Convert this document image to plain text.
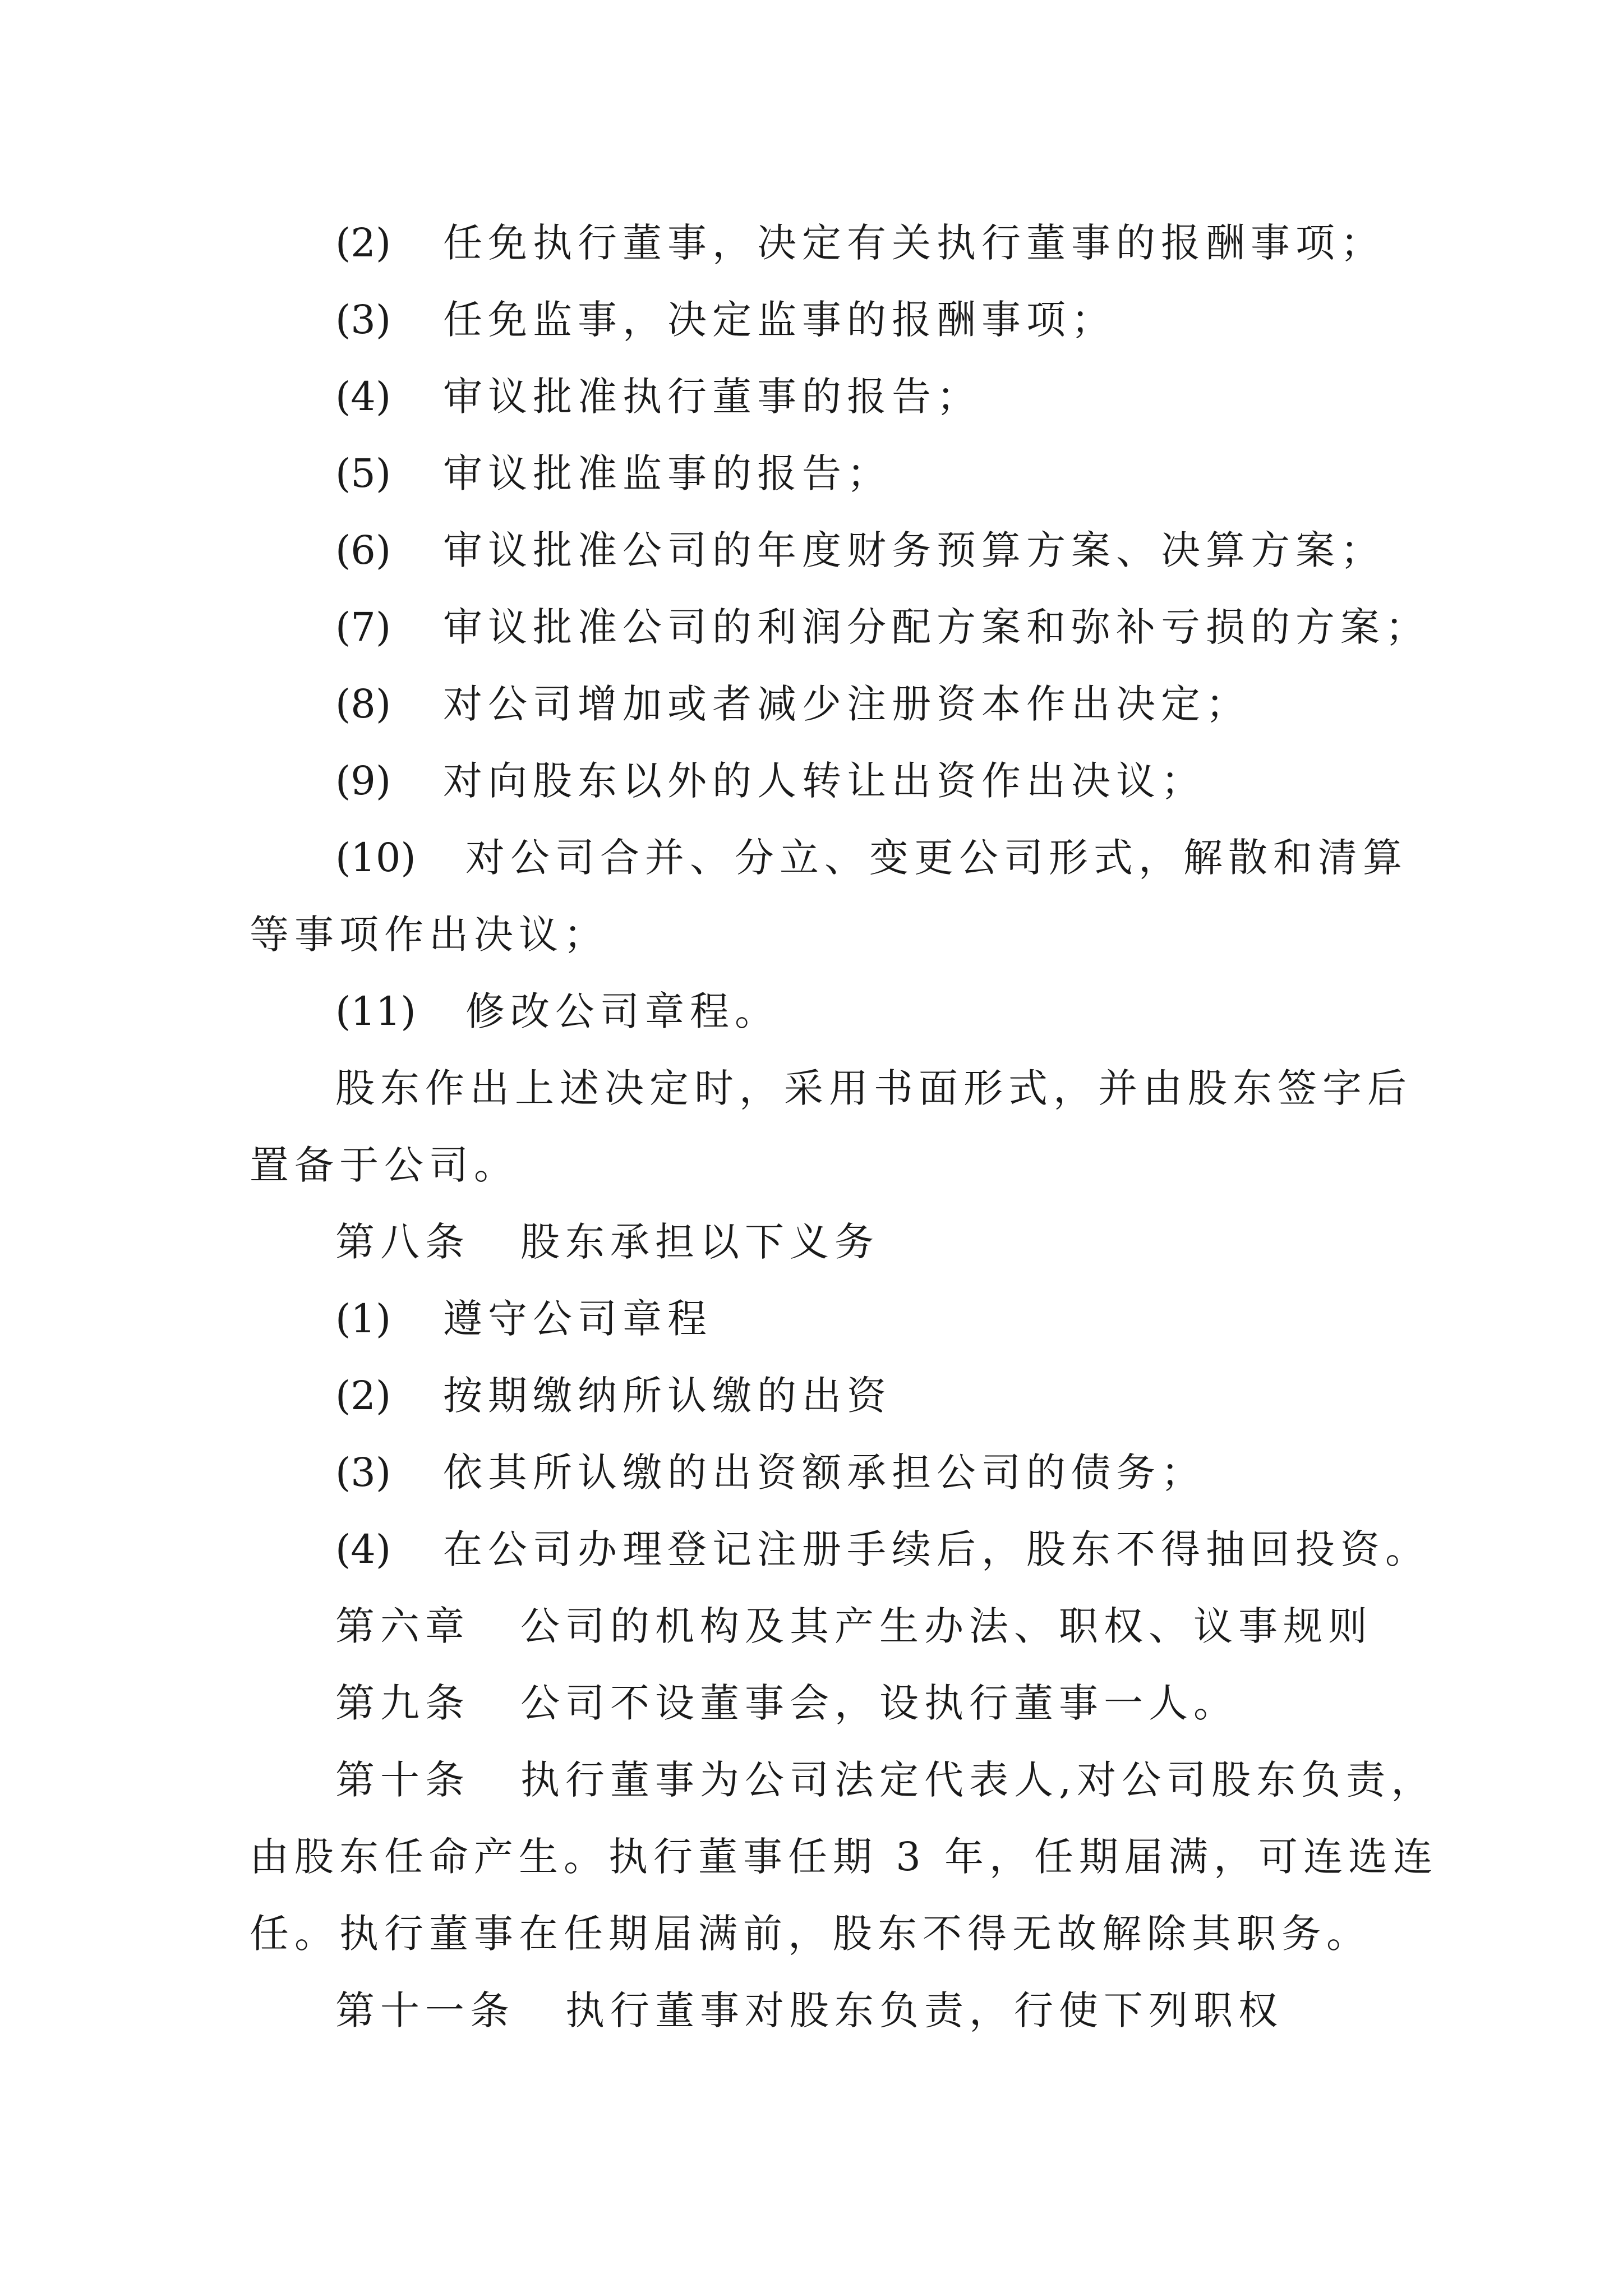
(2) 任免执行董事，决定有关执行董事的报酬事项；
(3) 任免监事，决定监事的报酬事项；
(4) 审议批准执行董事的报告；
(5) 审议批准监事的报告；
(6) 审议批准公司的年度财务预算方案、决算方案；
(7) 审议批准公司的利润分配方案和弥补亏损的方案；
(8) 对公司增加或者减少注册资本作出决定；
(9) 对向股东以外的人转让出资作出决议；
(10) 对公司合并、分立、变更公司形式，解散和清算
等事项作出决议；
(11) 修改公司章程。
股东作出上述决定时，采用书面形式，并由股东签字后
置备于公司。
第八条 股东承担以下义务
(1) 遵守公司章程
(2) 按期缴纳所认缴的出资
(3) 依其所认缴的出资额承担公司的债务；
(4) 在公司办理登记注册手续后，股东不得抽回投资。
第六章 公司的机构及其产生办法、职权、议事规则
第九条 公司不设董事会，设执行董事一人。
第十条 执行董事为公司法定代表人,对公司股东负责，
由股东任命产生。执行董事任期 3 年，任期届满，可连选连
任。执行董事在任期届满前，股东不得无故解除其职务。
第十一条 执行董事对股东负责，行使下列职权
